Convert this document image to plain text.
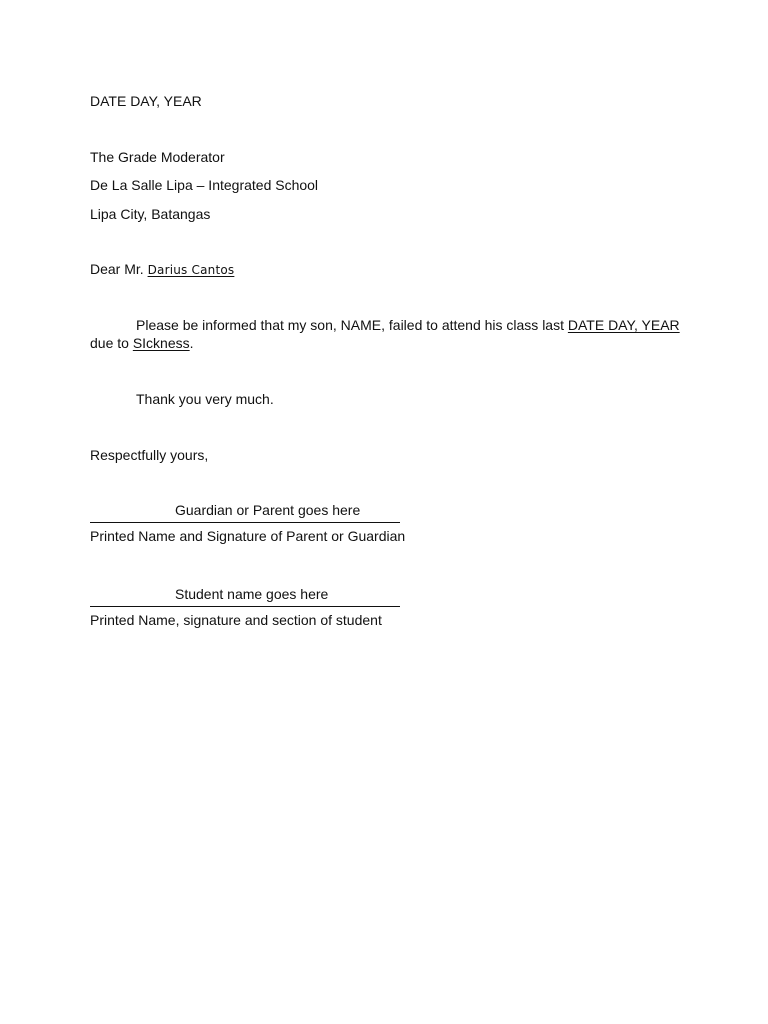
DATE DAY, YEAR
The Grade Moderator
De La Salle Lipa – Integrated School
Lipa City, Batangas
Dear Mr. Darius Cantos
Please be informed that my son, NAME, failed to attend his class last DATE DAY, YEAR
due to SIckness.
Thank you very much.
Respectfully yours,
Guardian or Parent goes here
Printed Name and Signature of Parent or Guardian
Student name goes here
Printed Name, signature and section of student
